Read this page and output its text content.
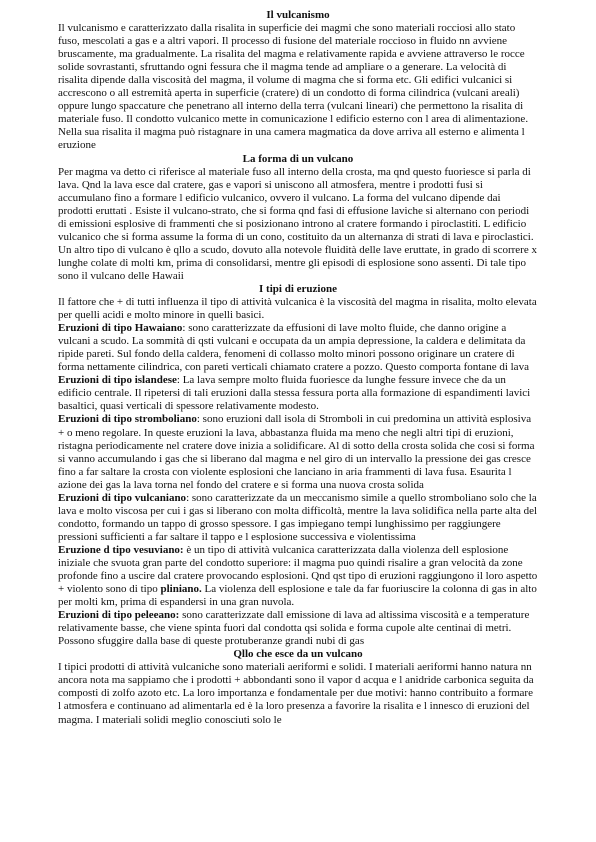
Il vulcanismo

Il vulcanismo e caratterizzato dalla risalita in superficie dei magmi che sono materiali rocciosi allo stato fuso, mescolati a gas e a altri vapori. Il processo di fusione del materiale roccioso in fluido nn avviene bruscamente, ma gradualmente. La risalita del magma e relativamente rapida e avviene attraverso le rocce solide sovrastanti, sfruttando ogni fessura che il magma tende ad ampliare o a generare. La velocità di risalita dipende dalla viscosità del magma, il volume di magma che si forma etc. Gli edifici vulcanici si accrescono o all estremità aperta in superficie (cratere) di un condotto di forma cilindrica (vulcani areali) oppure lungo spaccature che penetrano all interno della terra (vulcani lineari) che permettono la risalita di materiale fuso. Il condotto vulcanico mette in comunicazione l edificio esterno con l area di alimentazione. Nella sua risalita il magma può ristagnare in una camera magmatica da dove arriva all esterno e alimenta l eruzione

La forma di un vulcano

Per magma va detto ci riferisce al materiale fuso all interno della crosta, ma qnd questo fuoriesce si parla di lava. Qnd la lava esce dal cratere, gas e vapori si uniscono all atmosfera, mentre i prodotti fusi si accumulano fino a formare l edificio vulcanico, ovvero il vulcano. La forma del vulcano dipende dai prodotti eruttati . Esiste il vulcano-strato, che si forma qnd fasi di effusione laviche si alternano con periodi di emissioni esplosive di frammenti che si posizionano introno al cratere formando i piroclastiti. L edificio vulcanico che si forma assume la forma di un cono, costituito da un alternanza di strati di lava e piroclastici. Un altro tipo di vulcano è qllo a scudo, dovuto alla notevole fluidità delle lave eruttate, in grado di scorrere x lunghe colate di molti km, prima di consolidarsi, mentre gli episodi di esplosione sono assenti. Di tale tipo sono il vulcano delle Hawaii

I tipi di eruzione

Il fattore che + di tutti influenza il tipo di attività vulcanica è la viscosità del magma in risalita, molto elevata per quelli acidi e molto minore in quelli basici.

Eruzioni di tipo Hawaiano: sono caratterizzate da effusioni di lave molto fluide, che danno origine a vulcani a scudo. La sommità di qsti vulcani e occupata da un ampia depressione, la caldera e delimitata da ripide pareti. Sul fondo della caldera, fenomeni di collasso molto minori possono originare un cratere di forma nettamente cilindrica, con pareti verticali chiamato cratere a pozzo. Questo comporta fontane di lava

Eruzioni di tipo islandese: La lava sempre molto fluida fuoriesce da lunghe fessure invece che da un edificio centrale. Il ripetersi di tali eruzioni dalla stessa fessura porta alla formazione di espandimenti lavici basaltici, quasi verticali di spessore relativamente modesto.

Eruzioni di tipo stromboliano: sono eruzioni dall isola di Stromboli in cui predomina un attività esplosiva + o meno regolare. In queste eruzioni la lava, abbastanza fluida ma meno che negli altri tipi di eruzioni, ristagna periodicamente nel cratere dove inizia a solidificare. Al di sotto della crosta solida che cosi si forma si vanno accumulando i gas che si liberano dal magma e nel giro di un intervallo la pressione dei gas cresce fino a far saltare la crosta con violente esplosioni che lanciano in aria frammenti di lava fusa. Esaurita l azione dei gas la lava torna nel fondo del cratere e si forma una nuova crosta solida

Eruzioni di tipo vulcaniano: sono caratterizzate da un meccanismo simile a quello stromboliano solo che la lava e molto viscosa per cui i gas si liberano con molta difficoltà, mentre la lava solidifica nella parte alta del condotto, formando un tappo di grosso spessore. I gas impiegano tempi lunghissimo per raggiungere pressioni sufficienti a far saltare il tappo e l esplosione successiva e violentissima

Eruzione d tipo vesuviano: è un tipo di attività vulcanica caratterizzata dalla violenza dell esplosione iniziale che svuota gran parte del condotto superiore: il magma puo quindi risalire a gran velocità da zone profonde fino a uscire dal cratere provocando esplosioni. Qnd qst tipo di eruzioni raggiungono il loro aspetto + violento sono di tipo pliniano. La violenza dell esplosione e tale da far fuoriuscire la colonna di gas in alto per molti km, prima di espandersi in una gran nuvola.

Eruzioni di tipo peleeano: sono caratterizzate dall emissione di lava ad altissima viscosità e a temperature relativamente basse, che viene spinta fuori dal condotta qsi solida e forma cupole alte centinai di metri. Possono sfuggire dalla base di queste protuberanze grandi nubi di gas

Qllo che esce da un vulcano

I tipici prodotti di attività vulcaniche sono materiali aeriformi e solidi. I materiali aeriformi hanno natura nn ancora nota ma sappiamo che i prodotti + abbondanti sono il vapor d acqua e l anidride carbonica seguita da composti di zolfo azoto etc. La loro importanza e fondamentale per due motivi: hanno contribuito a formare l atmosfera e continuano ad alimentarla ed è la loro presenza a favorire la risalita e l innesco di eruzioni del magma. I materiali solidi meglio conosciuti solo le
